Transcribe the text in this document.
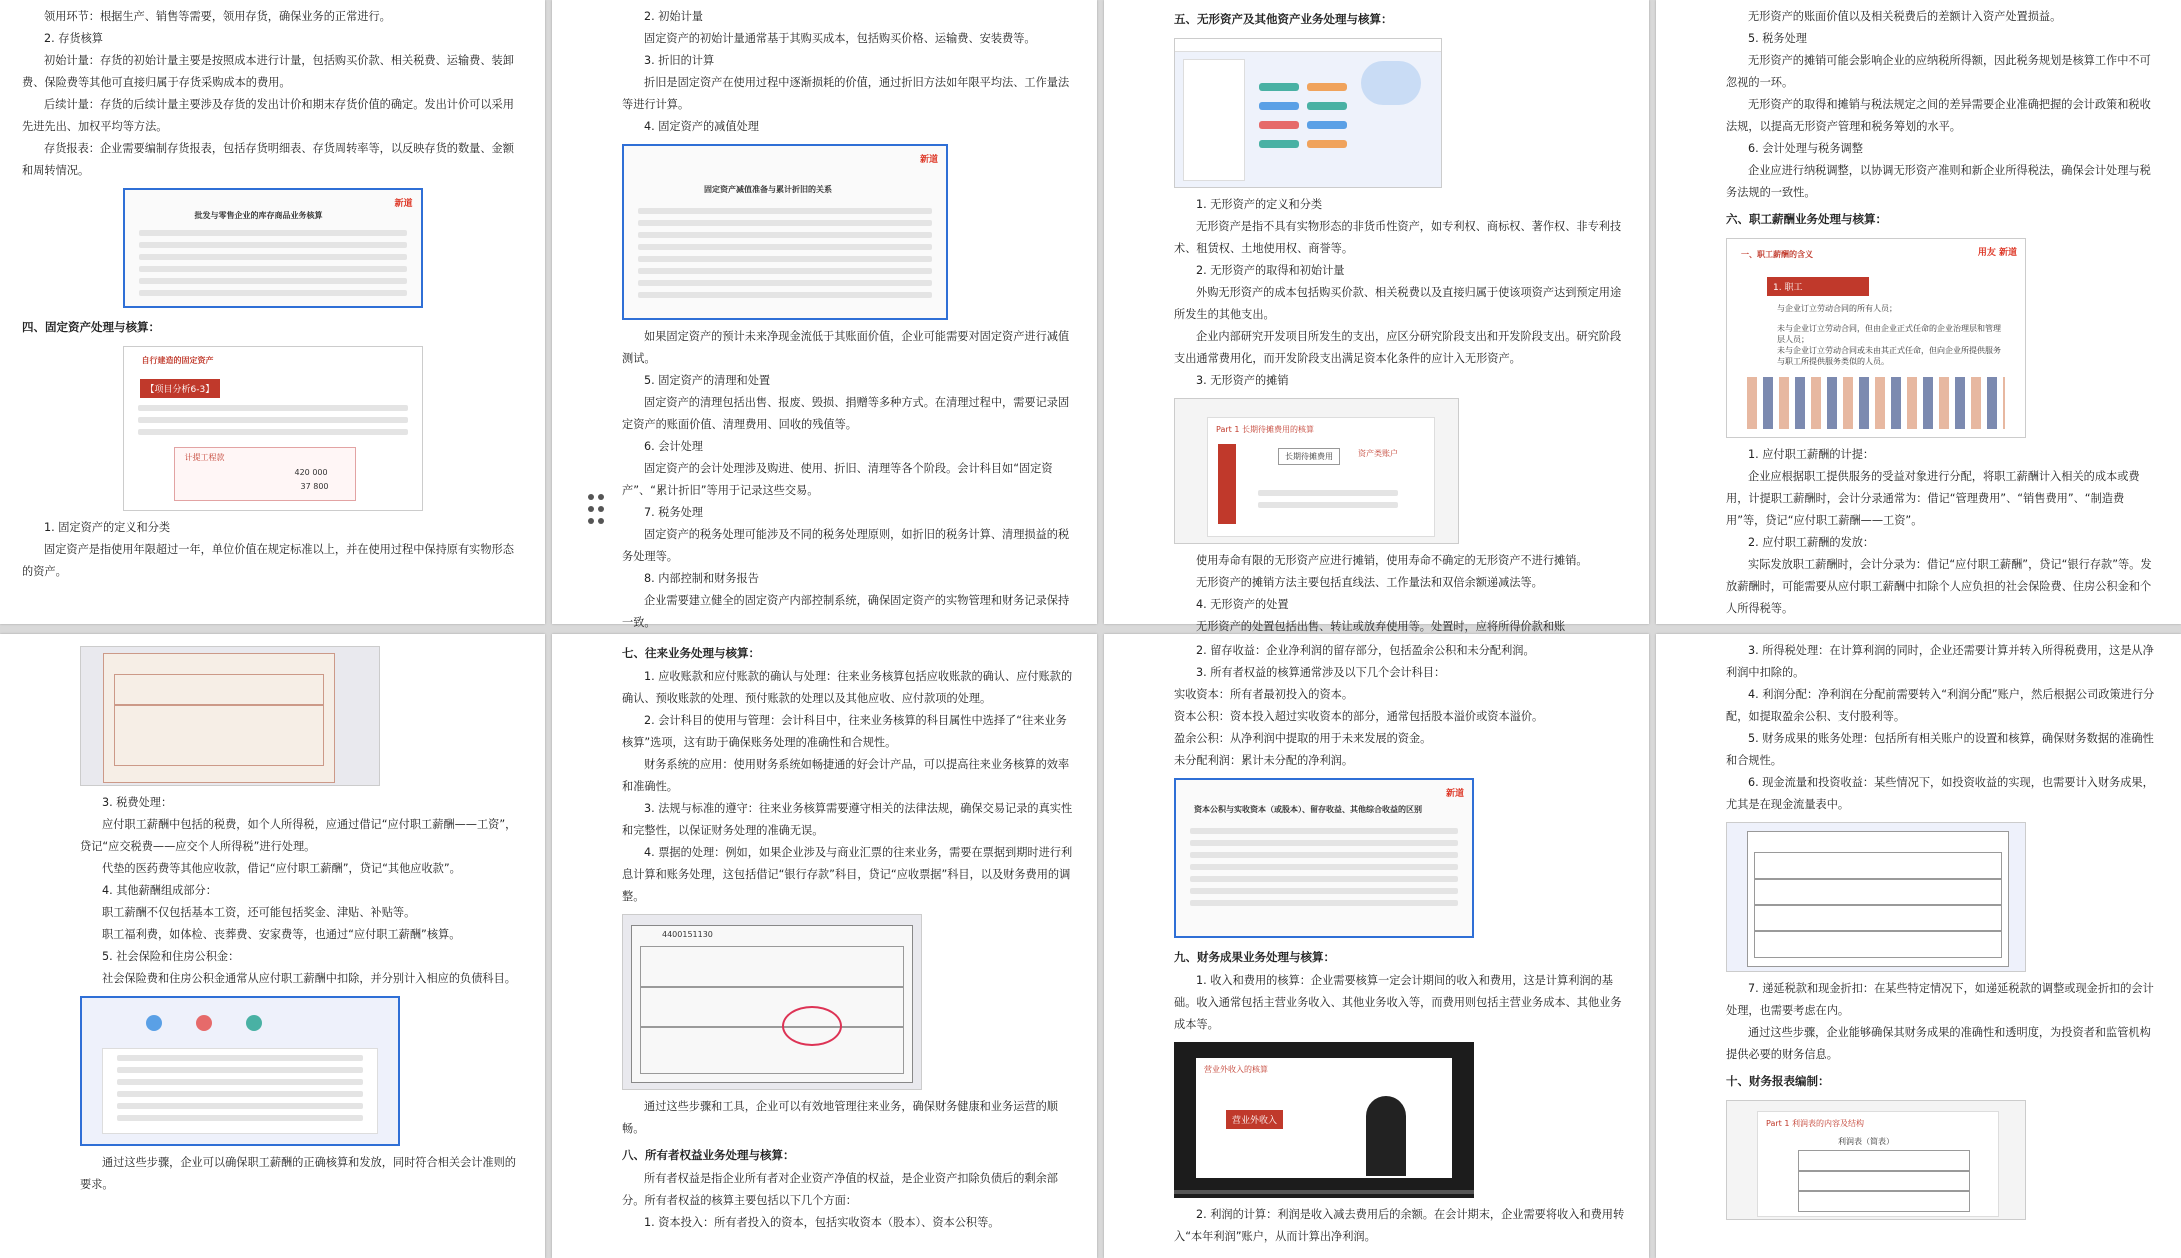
领用环节：根据生产、销售等需要，领用存货，确保业务的正常进行。

2. 存货核算

初始计量：存货的初始计量主要是按照成本进行计量，包括购买价款、相关税费、运输费、装卸费、保险费等其他可直接归属于存货采购成本的费用。

后续计量：存货的后续计量主要涉及存货的发出计价和期末存货价值的确定。发出计价可以采用先进先出、加权平均等方法。

存货报表：企业需要编制存货报表，包括存货明细表、存货周转率等，以反映存货的数量、金额和周转情况。

批发与零售企业的库存商品业务核算
新道

四、固定资产处理与核算：

自行建造的固定资产
【项目分析6-3】
计提工程款
420 000
37 800

1. 固定资产的定义和分类

固定资产是指使用年限超过一年，单位价值在规定标准以上，并在使用过程中保持原有实物形态的资产。

2. 初始计量

固定资产的初始计量通常基于其购买成本，包括购买价格、运输费、安装费等。

3. 折旧的计算

折旧是固定资产在使用过程中逐渐损耗的价值，通过折旧方法如年限平均法、工作量法等进行计算。

4. 固定资产的减值处理

新道
固定资产减值准备与累计折旧的关系

如果固定资产的预计未来净现金流低于其账面价值，企业可能需要对固定资产进行减值测试。

5. 固定资产的清理和处置

固定资产的清理包括出售、报废、毁损、捐赠等多种方式。在清理过程中，需要记录固定资产的账面价值、清理费用、回收的残值等。

6. 会计处理

固定资产的会计处理涉及购进、使用、折旧、清理等各个阶段。会计科目如“固定资产”、“累计折旧”等用于记录这些交易。

7. 税务处理

固定资产的税务处理可能涉及不同的税务处理原则，如折旧的税务计算、清理损益的税务处理等。

8. 内部控制和财务报告

企业需要建立健全的固定资产内部控制系统，确保固定资产的实物管理和财务记录保持一致。

五、无形资产及其他资产业务处理与核算：

1. 无形资产的定义和分类

无形资产是指不具有实物形态的非货币性资产，如专利权、商标权、著作权、非专利技术、租赁权、土地使用权、商誉等。

2. 无形资产的取得和初始计量

外购无形资产的成本包括购买价款、相关税费以及直接归属于使该项资产达到预定用途所发生的其他支出。

企业内部研究开发项目所发生的支出，应区分研究阶段支出和开发阶段支出。研究阶段支出通常费用化，而开发阶段支出满足资本化条件的应计入无形资产。

3. 无形资产的摊销

Part 1 长期待摊费用的核算
长期待摊费用	资产类账户

使用寿命有限的无形资产应进行摊销，使用寿命不确定的无形资产不进行摊销。

无形资产的摊销方法主要包括直线法、工作量法和双倍余额递减法等。

4. 无形资产的处置

无形资产的处置包括出售、转让或放弃使用等。处置时，应将所得价款和账

无形资产的账面价值以及相关税费后的差额计入资产处置损益。

5. 税务处理

无形资产的摊销可能会影响企业的应纳税所得额，因此税务规划是核算工作中不可忽视的一环。

无形资产的取得和摊销与税法规定之间的差异需要企业准确把握的会计政策和税收法规，以提高无形资产管理和税务筹划的水平。

6. 会计处理与税务调整

企业应进行纳税调整，以协调无形资产准则和新企业所得税法，确保会计处理与税务法规的一致性。

六、职工薪酬业务处理与核算：

一、职工薪酬的含义	用友 新道
1. 职工
与企业订立劳动合同的所有人员；
未与企业订立劳动合同，但由企业正式任命的企业治理层和管理层人员；
未与企业订立劳动合同或未由其正式任命，但向企业所提供服务与职工所提供服务类似的人员。

1. 应付职工薪酬的计提：

企业应根据职工提供服务的受益对象进行分配，将职工薪酬计入相关的成本或费用，计提职工薪酬时，会计分录通常为：借记“管理费用”、“销售费用”、“制造费用”等，贷记“应付职工薪酬——工资”。

2. 应付职工薪酬的发放：

实际发放职工薪酬时，会计分录为：借记“应付职工薪酬”，贷记“银行存款”等。发放薪酬时，可能需要从应付职工薪酬中扣除个人应负担的社会保险费、住房公积金和个人所得税等。

3. 税费处理：

应付职工薪酬中包括的税费，如个人所得税，应通过借记“应付职工薪酬——工资”，贷记“应交税费——应交个人所得税”进行处理。

代垫的医药费等其他应收款，借记“应付职工薪酬”，贷记“其他应收款”。

4. 其他薪酬组成部分：

职工薪酬不仅包括基本工资，还可能包括奖金、津贴、补贴等。

职工福利费，如体检、丧葬费、安家费等，也通过“应付职工薪酬”核算。

5. 社会保险和住房公积金：

社会保险费和住房公积金通常从应付职工薪酬中扣除，并分别计入相应的负债科目。

通过这些步骤，企业可以确保职工薪酬的正确核算和发放，同时符合相关会计准则的要求。

七、往来业务处理与核算：

1. 应收账款和应付账款的确认与处理：往来业务核算包括应收账款的确认、应付账款的确认、预收账款的处理、预付账款的处理以及其他应收、应付款项的处理。

2. 会计科目的使用与管理：会计科目中，往来业务核算的科目属性中选择了“往来业务核算”选项，这有助于确保账务处理的准确性和合规性。

财务系统的应用：使用财务系统如畅捷通的好会计产品，可以提高往来业务核算的效率和准确性。

3. 法规与标准的遵守：往来业务核算需要遵守相关的法律法规，确保交易记录的真实性和完整性，以保证财务处理的准确无误。

4. 票据的处理：例如，如果企业涉及与商业汇票的往来业务，需要在票据到期时进行利息计算和账务处理，这包括借记“银行存款”科目，贷记“应收票据”科目，以及财务费用的调整。

4400151130

通过这些步骤和工具，企业可以有效地管理往来业务，确保财务健康和业务运营的顺畅。

八、所有者权益业务处理与核算：

所有者权益是指企业所有者对企业资产净值的权益，是企业资产扣除负债后的剩余部分。所有者权益的核算主要包括以下几个方面：

1. 资本投入：所有者投入的资本，包括实收资本（股本）、资本公积等。

2. 留存收益：企业净利润的留存部分，包括盈余公积和未分配利润。

3. 所有者权益的核算通常涉及以下几个会计科目：

实收资本：所有者最初投入的资本。

资本公积：资本投入超过实收资本的部分，通常包括股本溢价或资本溢价。

盈余公积：从净利润中提取的用于未来发展的资金。

未分配利润：累计未分配的净利润。

新道
资本公积与实收资本（或股本）、留存收益、其他综合收益的区别

九、财务成果业务处理与核算：

1. 收入和费用的核算：企业需要核算一定会计期间的收入和费用，这是计算利润的基础。收入通常包括主营业务收入、其他业务收入等，而费用则包括主营业务成本、其他业务成本等。

营业外收入的核算
营业外收入

2. 利润的计算：利润是收入减去费用后的余额。在会计期末，企业需要将收入和费用转入“本年利润”账户，从而计算出净利润。

3. 所得税处理：在计算利润的同时，企业还需要计算并转入所得税费用，这是从净利润中扣除的。

4. 利润分配：净利润在分配前需要转入“利润分配”账户，然后根据公司政策进行分配，如提取盈余公积、支付股利等。

5. 财务成果的账务处理：包括所有相关账户的设置和核算，确保财务数据的准确性和合规性。

6. 现金流量和投资收益：某些情况下，如投资收益的实现，也需要计入财务成果，尤其是在现金流量表中。

7. 递延税款和现金折扣：在某些特定情况下，如递延税款的调整或现金折扣的会计处理，也需要考虑在内。

通过这些步骤，企业能够确保其财务成果的准确性和透明度，为投资者和监管机构提供必要的财务信息。

十、财务报表编制：

Part 1 利润表的内容及结构
利润表（简表）
